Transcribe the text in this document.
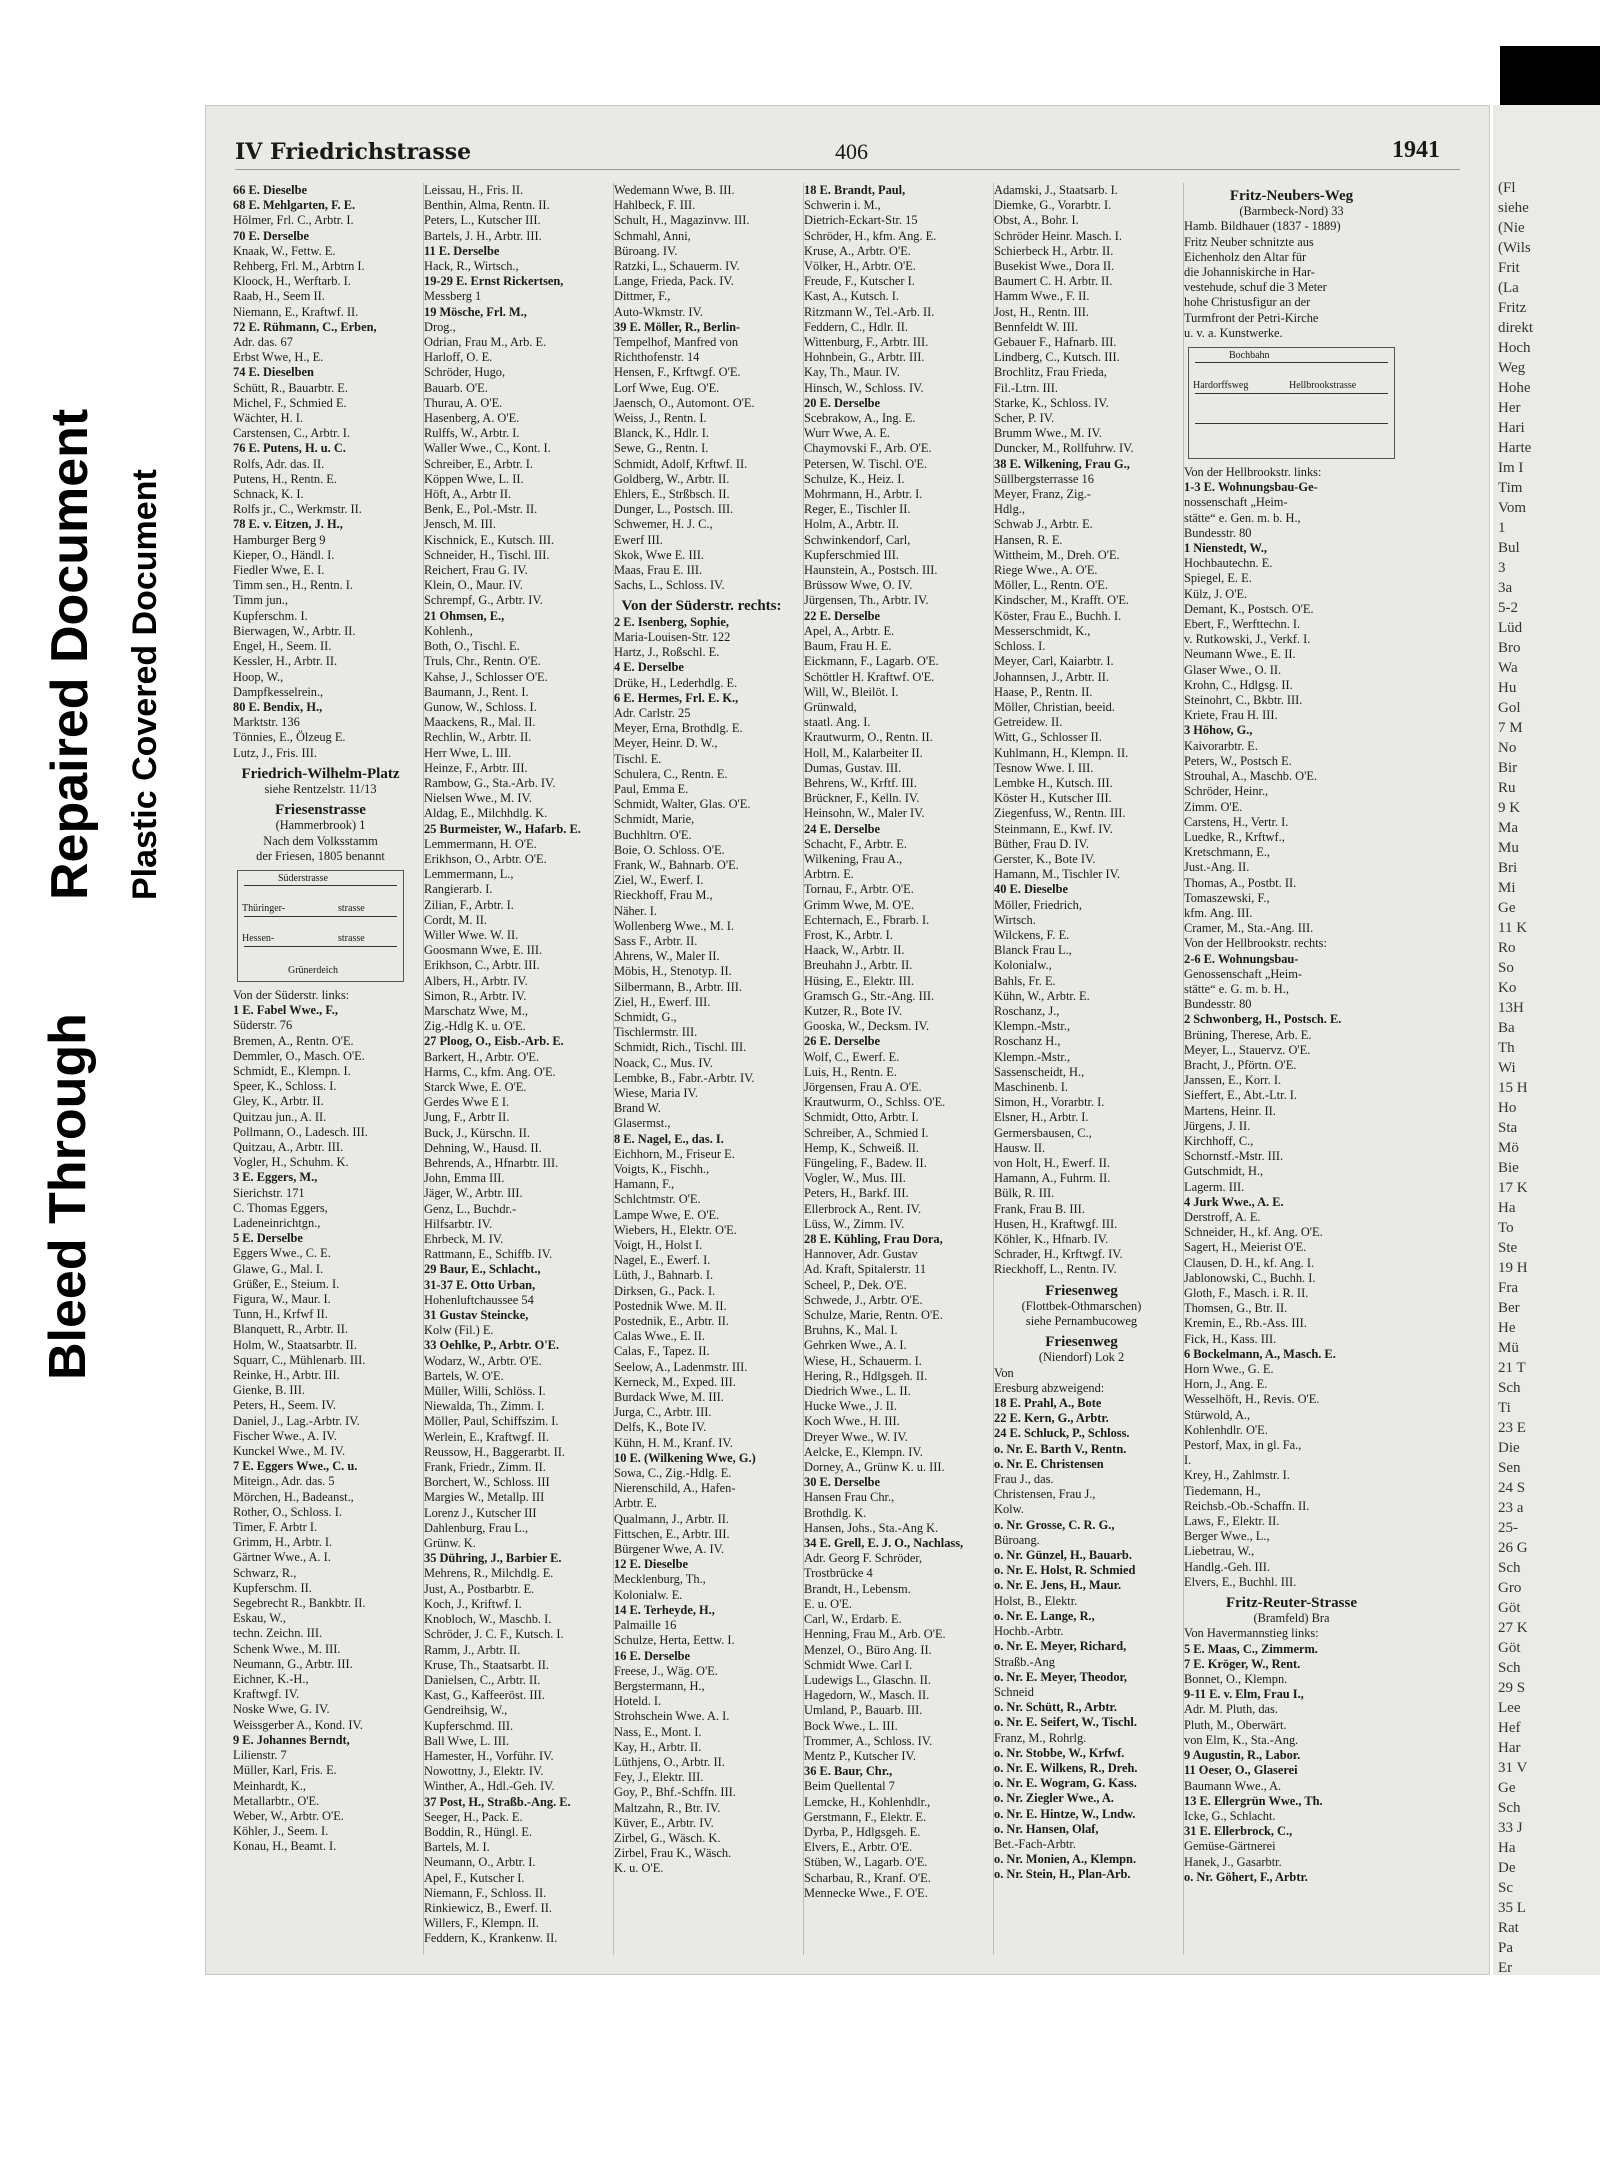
Bleed Through
Repaired Document Plastic Covered Document
IV Friedrichstrasse	406	1941
66 E. Dieselbe
68 E. Mehlgarten, F. E.
Hölmer, Frl. C., Arbtr. I.
70 E. Derselbe
Knaak, W., Fettw. E.
Rehberg, Frl. M., Arbtrn I.
Kloock, H., Werftarb. I.
Raab, H., Seem II.
Niemann, E., Kraftwf. II.
72 E. Rühmann, C., Erben,
Adr. das. 67
Erbst Wwe, H., E.
74 E. Dieselben
Schütt, R., Bauarbtr. E.
Michel, F., Schmied E.
Wächter, H. I.
Carstensen, C., Arbtr. I.
76 E. Putens, H. u. C.
Rolfs, Adr. das. II.
Putens, H., Rentn. E.
Schnack, K. I.
Rolfs jr., C., Werkmstr. II.
78 E. v. Eitzen, J. H.,
Hamburger Berg 9
Kieper, O., Händl. I.
Fiedler Wwe, E. I.
Timm sen., H., Rentn. I.
Timm jun.,
Kupferschm. I.
Bierwagen, W., Arbtr. II.
Engel, H., Seem. II.
Kessler, H., Arbtr. II.
Hoop, W.,
Dampfkesselrein.,
80 E. Bendix, H.,
Marktstr. 136
Tönnies, E., Ölzeug E.
Lutz, J., Fris. III.
Friedrich-Wilhelm-Platz
siehe Rentzelstr. 11/13
Friesenstrasse
(Hammerbrook) 1
Nach dem Volksstamm
der Friesen, 1805 benannt
Süderstrasse
Thüringer-	strasse
Hessen-	strasse
Grünerdeich
Von der Süderstr. links:
1 E. Fabel Wwe., F.,
Süderstr. 76
Bremen, A., Rentn. O'E.
Demmler, O., Masch. O'E.
Schmidt, E., Klempn. I.
Speer, K., Schloss. I.
Gley, K., Arbtr. II.
Quitzau jun., A. II.
Pollmann, O., Ladesch. III.
Quitzau, A., Arbtr. III.
Vogler, H., Schuhm. K.
3 E. Eggers, M.,
Sierichstr. 171
C. Thomas Eggers,
Ladeneinrichtgn.,
5 E. Derselbe
Eggers Wwe., C. E.
Glawe, G., Mal. I.
Grüßer, E., Steium. I.
Figura, W., Maur. I.
Tunn, H., Krfwf II.
Blanquett, R., Arbtr. II.
Holm, W., Staatsarbtr. II.
Squarr, C., Mühlenarb. III.
Reinke, H., Arbtr. III.
Gienke, B. III.
Peters, H., Seem. IV.
Daniel, J., Lag.-Arbtr. IV.
Fischer Wwe., A. IV.
Kunckel Wwe., M. IV.
7 E. Eggers Wwe., C. u.
Miteign., Adr. das. 5
Mörchen, H., Badeanst.,
Rother, O., Schloss. I.
Timer, F. Arbtr I.
Grimm, H., Arbtr. I.
Gärtner Wwe., A. I.
Schwarz, R.,
Kupferschm. II.
Segebrecht R., Bankbtr. II.
Eskau, W.,
techn. Zeichn. III.
Schenk Wwe., M. III.
Neumann, G., Arbtr. III.
Eichner, K.-H.,
Kraftwgf. IV.
Noske Wwe, G. IV.
Weissgerber A., Kond. IV.
9 E. Johannes Berndt,
Lilienstr. 7
Müller, Karl, Fris. E.
Meinhardt, K.,
Metallarbtr., O'E.
Weber, W., Arbtr. O'E.
Köhler, J., Seem. I.
Konau, H., Beamt. I.
Leissau, H., Fris. II.
Benthin, Alma, Rentn. II.
Peters, L., Kutscher III.
Bartels, J. H., Arbtr. III.
11 E. Derselbe
Hack, R., Wirtsch.,
19-29 E. Ernst Rickertsen,
Messberg 1
19 Mösche, Frl. M.,
Drog.,
Odrian, Frau M., Arb. E.
Harloff, O. E.
Schröder, Hugo,
Bauarb. O'E.
Thurau, A. O'E.
Hasenberg, A. O'E.
Rulffs, W., Arbtr. I.
Waller Wwe., C., Kont. I.
Schreiber, E., Arbtr. I.
Köppen Wwe, L. II.
Höft, A., Arbtr II.
Benk, E., Pol.-Mstr. II.
Jensch, M. III.
Kischnick, E., Kutsch. III.
Schneider, H., Tischl. III.
Reichert, Frau G. IV.
Klein, O., Maur. IV.
Schrempf, G., Arbtr. IV.
21 Ohmsen, E.,
Kohlenh.,
Both, O., Tischl. E.
Truls, Chr., Rentn. O'E.
Kahse, J., Schlosser O'E.
Baumann, J., Rent. I.
Gunow, W., Schloss. I.
Maackens, R., Mal. II.
Rechlin, W., Arbtr. II.
Herr Wwe, L. III.
Heinze, F., Arbtr. III.
Rambow, G., Sta.-Arb. IV.
Nielsen Wwe., M. IV.
Aldag, E., Milchhdlg. K.
25 Burmeister, W., Hafarb. E.
Lemmermann, H. O'E.
Erikhson, O., Arbtr. O'E.
Lemmermann, L.,
Rangierarb. I.
Zilian, F., Arbtr. I.
Cordt, M. II.
Willer Wwe. W. II.
Goosmann Wwe, E. III.
Erikhson, C., Arbtr. III.
Albers, H., Arbtr. IV.
Simon, R., Arbtr. IV.
Marschatz Wwe, M.,
Zig.-Hdlg K. u. O'E.
27 Ploog, O., Eisb.-Arb. E.
Barkert, H., Arbtr. O'E.
Harms, C., kfm. Ang. O'E.
Starck Wwe, E. O'E.
Gerdes Wwe E I.
Jung, F., Arbtr II.
Buck, J., Kürschn. II.
Dehning, W., Hausd. II.
Behrends, A., Hfnarbtr. III.
John, Emma III.
Jäger, W., Arbtr. III.
Genz, L., Buchdr.-
Hilfsarbtr. IV.
Ehrbeck, M. IV.
Rattmann, E., Schiffb. IV.
29 Baur, E., Schlacht.,
31-37 E. Otto Urban,
Hohenluftchaussee 54
31 Gustav Steincke,
Kolw (Fil.) E.
33 Oehlke, P., Arbtr. O'E.
Wodarz, W., Arbtr. O'E.
Bartels, W. O'E.
Müller, Willi, Schlöss. I.
Niewalda, Th., Zimm. I.
Möller, Paul, Schiffszim. I.
Werlein, E., Kraftwgf. II.
Reussow, H., Baggerarbt. II.
Frank, Friedr., Zimm. II.
Borchert, W., Schloss. III
Margies W., Metallp. III
Lorenz J., Kutscher III
Dahlenburg, Frau L.,
Grünw. K.
35 Dühring, J., Barbier E.
Mehrens, R., Milchdlg. E.
Just, A., Postbarbtr. E.
Koch, J., Kriftwf. I.
Knobloch, W., Maschb. I.
Schröder, J. C. F., Kutsch. I.
Ramm, J., Arbtr. II.
Kruse, Th., Staatsarbt. II.
Danielsen, C., Arbtr. II.
Kast, G., Kaffeeröst. III.
Gendreihsig, W.,
Kupferschmd. III.
Ball Wwe, L. III.
Hamester, H., Vorführ. IV.
Nowottny, J., Elektr. IV.
Winther, A., Hdl.-Geh. IV.
37 Post, H., Straßb.-Ang. E.
Seeger, H., Pack. E.
Boddin, R., Hüngl. E.
Bartels, M. I.
Neumann, O., Arbtr. I.
Apel, F., Kutscher I.
Niemann, F., Schloss. II.
Rinkiewicz, B., Ewerf. II.
Willers, F., Klempn. II.
Feddern, K., Krankenw. II.
Wedemann Wwe, B. III.
Hahlbeck, F. III.
Schult, H., Magazinvw. III.
Schmahl, Anni,
Büroang. IV.
Ratzki, L., Schauerm. IV.
Lange, Frieda, Pack. IV.
Dittmer, F.,
Auto-Wkmstr. IV.
39 E. Möller, R., Berlin-
Tempelhof, Manfred von
Richthofenstr. 14
Hensen, F., Krftwgf. O'E.
Lorf Wwe, Eug. O'E.
Jaensch, O., Automont. O'E.
Weiss, J., Rentn. I.
Blanck, K., Hdlr. I.
Sewe, G., Rentn. I.
Schmidt, Adolf, Krftwf. II.
Goldberg, W., Arbtr. II.
Ehlers, E., Strßbsch. II.
Dunger, L., Postsch. III.
Schwemer, H. J. C.,
Ewerf III.
Skok, Wwe E. III.
Maas, Frau E. III.
Sachs, L., Schloss. IV.
Von der Süderstr. rechts:
2 E. Isenberg, Sophie,
Maria-Louisen-Str. 122
Hartz, J., Roßschl. E.
4 E. Derselbe
Drüke, H., Lederhdlg. E.
6 E. Hermes, Frl. E. K.,
Adr. Carlstr. 25
Meyer, Erna, Brothdlg. E.
Meyer, Heinr. D. W.,
Tischl. E.
Schulera, C., Rentn. E.
Paul, Emma E.
Schmidt, Walter, Glas. O'E.
Schmidt, Marie,
Buchhltrn. O'E.
Boie, O. Schloss. O'E.
Frank, W., Bahnarb. O'E.
Ziel, W., Ewerf. I.
Rieckhoff, Frau M.,
Näher. I.
Wollenberg Wwe., M. I.
Sass F., Arbtr. II.
Ahrens, W., Maler II.
Möbis, H., Stenotyp. II.
Silbermann, B., Arbtr. III.
Ziel, H., Ewerf. III.
Schmidt, G.,
Tischlermstr. III.
Schmidt, Rich., Tischl. III.
Noack, C., Mus. IV.
Lembke, B., Fabr.-Arbtr. IV.
Wiese, Maria IV.
Brand W.
Glasermst.,
8 E. Nagel, E., das. I.
Eichhorn, M., Friseur E.
Voigts, K., Fischh.,
Hamann, F.,
Schlchtmstr. O'E.
Lampe Wwe, E. O'E.
Wiebers, H., Elektr. O'E.
Voigt, H., Holst I.
Nagel, E., Ewerf. I.
Lüth, J., Bahnarb. I.
Dirksen, G., Pack. I.
Postednik Wwe. M. II.
Postednik, E., Arbtr. II.
Calas Wwe., E. II.
Calas, F., Tapez. II.
Seelow, A., Ladenmstr. III.
Kerneck, M., Exped. III.
Burdack Wwe, M. III.
Jurga, C., Arbtr. III.
Delfs, K., Bote IV.
Kühn, H. M., Kranf. IV.
10 E. (Wilkening Wwe, G.)
Sowa, C., Zig.-Hdlg. E.
Nierenschild, A., Hafen-
Arbtr. E.
Qualmann, J., Arbtr. II.
Fittschen, E., Arbtr. III.
Bürgener Wwe, A. IV.
12 E. Dieselbe
Mecklenburg, Th.,
Kolonialw. E.
14 E. Terheyde, H.,
Palmaille 16
Schulze, Herta, Eettw. I.
16 E. Derselbe
Freese, J., Wäg. O'E.
Bergstermann, H.,
Hoteld. I.
Strohschein Wwe. A. I.
Nass, E., Mont. I.
Kay, H., Arbtr. II.
Lüthjens, O., Arbtr. II.
Fey, J., Elektr. III.
Goy, P., Bhf.-Schffn. III.
Maltzahn, R., Btr. IV.
Küver, E., Arbtr. IV.
Zirbel, G., Wäsch. K.
Zirbel, Frau K., Wäsch.
K. u. O'E.
18 E. Brandt, Paul,
Schwerin i. M.,
Dietrich-Eckart-Str. 15
Schröder, H., kfm. Ang. E.
Kruse, A., Arbtr. O'E.
Völker, H., Arbtr. O'E.
Freude, F., Kutscher I.
Kast, A., Kutsch. I.
Ritzmann W., Tel.-Arb. II.
Feddern, C., Hdlr. II.
Wittenburg, F., Arbtr. III.
Hohnbein, G., Arbtr. III.
Kay, Th., Maur. IV.
Hinsch, W., Schloss. IV.
20 E. Derselbe
Scebrakow, A., Ing. E.
Wurr Wwe, A. E.
Chaymovski F., Arb. O'E.
Petersen, W. Tischl. O'E.
Schulze, K., Heiz. I.
Mohrmann, H., Arbtr. I.
Reger, E., Tischler II.
Holm, A., Arbtr. II.
Schwinkendorf, Carl,
Kupferschmied III.
Haunstein, A., Postsch. III.
Brüssow Wwe, O. IV.
Jürgensen, Th., Arbtr. IV.
22 E. Derselbe
Apel, A., Arbtr. E.
Baum, Frau H. E.
Eickmann, F., Lagarb. O'E.
Schöttler H. Kraftwf. O'E.
Will, W., Bleilöt. I.
Grünwald,
staatl. Ang. I.
Krautwurm, O., Rentn. II.
Holl, M., Kalarbeiter II.
Dumas, Gustav. III.
Behrens, W., Krftf. III.
Brückner, F., Kelln. IV.
Heinsohn, W., Maler IV.
24 E. Derselbe
Schacht, F., Arbtr. E.
Wilkening, Frau A.,
Arbtrn. E.
Tornau, F., Arbtr. O'E.
Grimm Wwe, M. O'E.
Echternach, E., Fbrarb. I.
Frost, K., Arbtr. I.
Haack, W., Arbtr. II.
Breuhahn J., Arbtr. II.
Hüsing, E., Elektr. III.
Gramsch G., Str.-Ang. III.
Kutzer, R., Bote IV.
Gooska, W., Decksm. IV.
26 E. Derselbe
Wolf, C., Ewerf. E.
Luis, H., Rentn. E.
Jörgensen, Frau A. O'E.
Krautwurm, O., Schlss. O'E.
Schmidt, Otto, Arbtr. I.
Schreiber, A., Schmied I.
Hemp, K., Schweiß. II.
Füngeling, F., Badew. II.
Vogler, W., Mus. III.
Peters, H., Barkf. III.
Ellerbrock A., Rent. IV.
Lüss, W., Zimm. IV.
28 E. Kühling, Frau Dora,
Hannover, Adr. Gustav
Ad. Kraft, Spitalerstr. 11
Scheel, P., Dek. O'E.
Schwede, J., Arbtr. O'E.
Schulze, Marie, Rentn. O'E.
Bruhns, K., Mal. I.
Gehrken Wwe., A. I.
Wiese, H., Schauerm. I.
Hering, R., Hdlgsgeh. II.
Diedrich Wwe., L. II.
Hucke Wwe., J. II.
Koch Wwe., H. III.
Dreyer Wwe., W. IV.
Aelcke, E., Klempn. IV.
Dorney, A., Grünw K. u. III.
30 E. Derselbe
Hansen Frau Chr.,
Brothdlg. K.
Hansen, Johs., Sta.-Ang K.
34 E. Grell, E. J. O., Nachlass,
Adr. Georg F. Schröder,
Trostbrücke 4
Brandt, H., Lebensm.
E. u. O'E.
Carl, W., Erdarb. E.
Henning, Frau M., Arb. O'E.
Menzel, O., Büro Ang. II.
Schmidt Wwe. Carl I.
Ludewigs L., Glaschn. II.
Hagedorn, W., Masch. II.
Umland, P., Bauarb. III.
Bock Wwe., L. III.
Trommer, A., Schloss. IV.
Mentz P., Kutscher IV.
36 E. Baur, Chr.,
Beim Quellental 7
Lemcke, H., Kohlenhdlr.,
Gerstmann, F., Elektr. E.
Dyrba, P., Hdlgsgeh. E.
Elvers, E., Arbtr. O'E.
Stüben, W., Lagarb. O'E.
Scharbau, R., Kranf. O'E.
Mennecke Wwe., F. O'E.
Adamski, J., Staatsarb. I.
Diemke, G., Vorarbtr. I.
Obst, A., Bohr. I.
Schröder Heinr. Masch. I.
Schierbeck H., Arbtr. II.
Busekist Wwe., Dora II.
Baumert C. H. Arbtr. II.
Hamm Wwe., F. II.
Jost, H., Rentn. III.
Bennfeldt W. III.
Gebauer F., Hafnarb. III.
Lindberg, C., Kutsch. III.
Brochlitz, Frau Frieda,
Fil.-Ltrn. III.
Starke, K., Schloss. IV.
Scher, P. IV.
Brumm Wwe., M. IV.
Duncker, M., Rollfuhrw. IV.
38 E. Wilkening, Frau G.,
Süllbergsterrasse 16
Meyer, Franz, Zig.-
Hdlg.,
Schwab J., Arbtr. E.
Hansen, R. E.
Wittheim, M., Dreh. O'E.
Riege Wwe., A. O'E.
Möller, L., Rentn. O'E.
Kindscher, M., Krafft. O'E.
Köster, Frau E., Buchh. I.
Messerschmidt, K.,
Schloss. I.
Meyer, Carl, Kaiarbtr. I.
Johannsen, J., Arbtr. II.
Haase, P., Rentn. II.
Möller, Christian, beeid.
Getreidew. II.
Witt, G., Schlosser II.
Kuhlmann, H., Klempn. II.
Tesnow Wwe. I. III.
Lembke H., Kutsch. III.
Köster H., Kutscher III.
Ziegenfuss, W., Rentn. III.
Steinmann, E., Kwf. IV.
Büther, Frau D. IV.
Gerster, K., Bote IV.
Hamann, M., Tischler IV.
40 E. Dieselbe
Möller, Friedrich,
Wirtsch.
Wilckens, F. E.
Blanck Frau L.,
Kolonialw.,
Bahls, Fr. E.
Kühn, W., Arbtr. E.
Roschanz, J.,
Klempn.-Mstr.,
Roschanz H.,
Klempn.-Mstr.,
Sassenscheidt, H.,
Maschinenb. I.
Simon, H., Vorarbtr. I.
Elsner, H., Arbtr. I.
Germersbausen, C.,
Hausw. II.
von Holt, H., Ewerf. II.
Hamann, A., Fuhrm. II.
Bülk, R. III.
Frank, Frau B. III.
Husen, H., Kraftwgf. III.
Köhler, K., Hfnarb. IV.
Schrader, H., Krftwgf. IV.
Rieckhoff, L., Rentn. IV.
Friesenweg
(Flottbek-Othmarschen)
siehe Pernambucoweg
Friesenweg
(Niendorf) Lok 2
Von
Eresburg abzweigend:
18 E. Prahl, A., Bote
22 E. Kern, G., Arbtr.
24 E. Schluck, P., Schloss.
o. Nr. E. Barth V., Rentn.
o. Nr. E. Christensen
Frau J., das.
Christensen, Frau J.,
Kolw.
o. Nr. Grosse, C. R. G.,
Büroang.
o. Nr. Günzel, H., Bauarb.
o. Nr. E. Holst, R. Schmied
o. Nr. E. Jens, H., Maur.
Holst, B., Elektr.
o. Nr. E. Lange, R.,
Hochb.-Arbtr.
o. Nr. E. Meyer, Richard,
Straßb.-Ang
o. Nr. E. Meyer, Theodor,
Schneid
o. Nr. Schütt, R., Arbtr.
o. Nr. E. Seifert, W., Tischl.
Franz, M., Rohrlg.
o. Nr. Stobbe, W., Krfwf.
o. Nr. E. Wilkens, R., Dreh.
o. Nr. E. Wogram, G. Kass.
o. Nr. Ziegler Wwe., A.
o. Nr. E. Hintze, W., Lndw.
o. Nr. Hansen, Olaf,
Bet.-Fach-Arbtr.
o. Nr. Monien, A., Klempn.
o. Nr. Stein, H., Plan-Arb.
Fritz-Neubers-Weg
(Barmbeck-Nord) 33
Hamb. Bildhauer (1837 - 1889)
Fritz Neuber schnitzte aus
Eichenholz den Altar für
die Johanniskirche in Har-
vestehude, schuf die 3 Meter
hohe Christusfigur an der
Turmfront der Petri-Kirche
u. v. a. Kunstwerke.
Bochbahn
Hardorffsweg	Hellbrookstrasse
Von der Hellbrookstr. links:
1-3 E. Wohnungsbau-Ge-
nossenschaft „Heim-
stätte“ e. Gen. m. b. H.,
Bundesstr. 80
1 Nienstedt, W.,
Hochbautechn. E.
Spiegel, E. E.
Külz, J. O'E.
Demant, K., Postsch. O'E.
Ebert, F., Werfttechn. I.
v. Rutkowski, J., Verkf. I.
Neumann Wwe., E. II.
Glaser Wwe., O. II.
Krohn, C., Hdlgsg. II.
Steinohrt, C., Bkbtr. III.
Kriete, Frau H. III.
3 Höhow, G.,
Kaivorarbtr. E.
Peters, W., Postsch E.
Strouhal, A., Maschb. O'E.
Schröder, Heinr.,
Zimm. O'E.
Carstens, H., Vertr. I.
Luedke, R., Krftwf.,
Kretschmann, E.,
Just.-Ang. II.
Thomas, A., Postbt. II.
Tomaszewski, F.,
kfm. Ang. III.
Cramer, M., Sta.-Ang. III.
Von der Hellbrookstr. rechts:
2-6 E. Wohnungsbau-
Genossenschaft „Heim-
stätte“ e. G. m. b. H.,
Bundesstr. 80
2 Schwonberg, H., Postsch. E.
Brüning, Therese, Arb. E.
Meyer, L., Stauervz. O'E.
Bracht, J., Pförtn. O'E.
Janssen, E., Korr. I.
Sieffert, E., Abt.-Ltr. I.
Martens, Heinr. II.
Jürgens, J. II.
Kirchhoff, C.,
Schornstf.-Mstr. III.
Gutschmidt, H.,
Lagerm. III.
4 Jurk Wwe., A. E.
Derstroff, A. E.
Schneider, H., kf. Ang. O'E.
Sagert, H., Meierist O'E.
Clausen, D. H., kf. Ang. I.
Jablonowski, C., Buchh. I.
Gloth, F., Masch. i. R. II.
Thomsen, G., Btr. II.
Kremin, E., Rb.-Ass. III.
Fick, H., Kass. III.
6 Bockelmann, A., Masch. E.
Horn Wwe., G. E.
Horn, J., Ang. E.
Wesselhöft, H., Revis. O'E.
Stürwold, A.,
Kohlenhdlr. O'E.
Pestorf, Max, in gl. Fa.,
I.
Krey, H., Zahlmstr. I.
Tiedemann, H.,
Reichsb.-Ob.-Schaffn. II.
Laws, F., Elektr. II.
Berger Wwe., L.,
Liebetrau, W.,
Handlg.-Geh. III.
Elvers, E., Buchhl. III.
Fritz-Reuter-Strasse
(Bramfeld) Bra
Von Havermannstieg links:
5 E. Maas, C., Zimmerm.
7 E. Kröger, W., Rent.
Bonnet, O., Klempn.
9-11 E. v. Elm, Frau I.,
Adr. M. Pluth, das.
Pluth, M., Oberwärt.
von Elm, K., Sta.-Ang.
9 Augustin, R., Labor.
11 Oeser, O., Glaserei
Baumann Wwe., A.
13 E. Ellergrün Wwe., Th.
Icke, G., Schlacht.
31 E. Ellerbrock, C.,
Gemüse-Gärtnerei
Hanek, J., Gasarbtr.
o. Nr. Göhert, F., Arbtr.
(Fl
siehe
(Nie
(Wils
Frit
(La
Fritz
direkt
Hoch
Weg
Hohe
Her
Hari
Harte
Im I
Tim
Vom
1
Bul
3
3a
5-2
Lüd
Bro
Wa
Hu
Gol
7 M
No
Bir
Ru
9 K
Ma
Mu
Bri
Mi
Ge
11 K
Ro
So
Ko
13H
Ba
Th
Wi
15 H
Ho
Sta
Mö
Bie
17 K
Ha
To
Ste
19 H
Fra
Ber
He
Mü
21 T
Sch
Ti
23 E
Die
Sen
24 S
23 a
25-
26 G
Sch
Gro
Göt
27 K
Göt
Sch
29 S
Lee
Hef
Har
31 V
Ge
Sch
33 J
Ha
De
Sc
35 L
Rat
Pa
Er
